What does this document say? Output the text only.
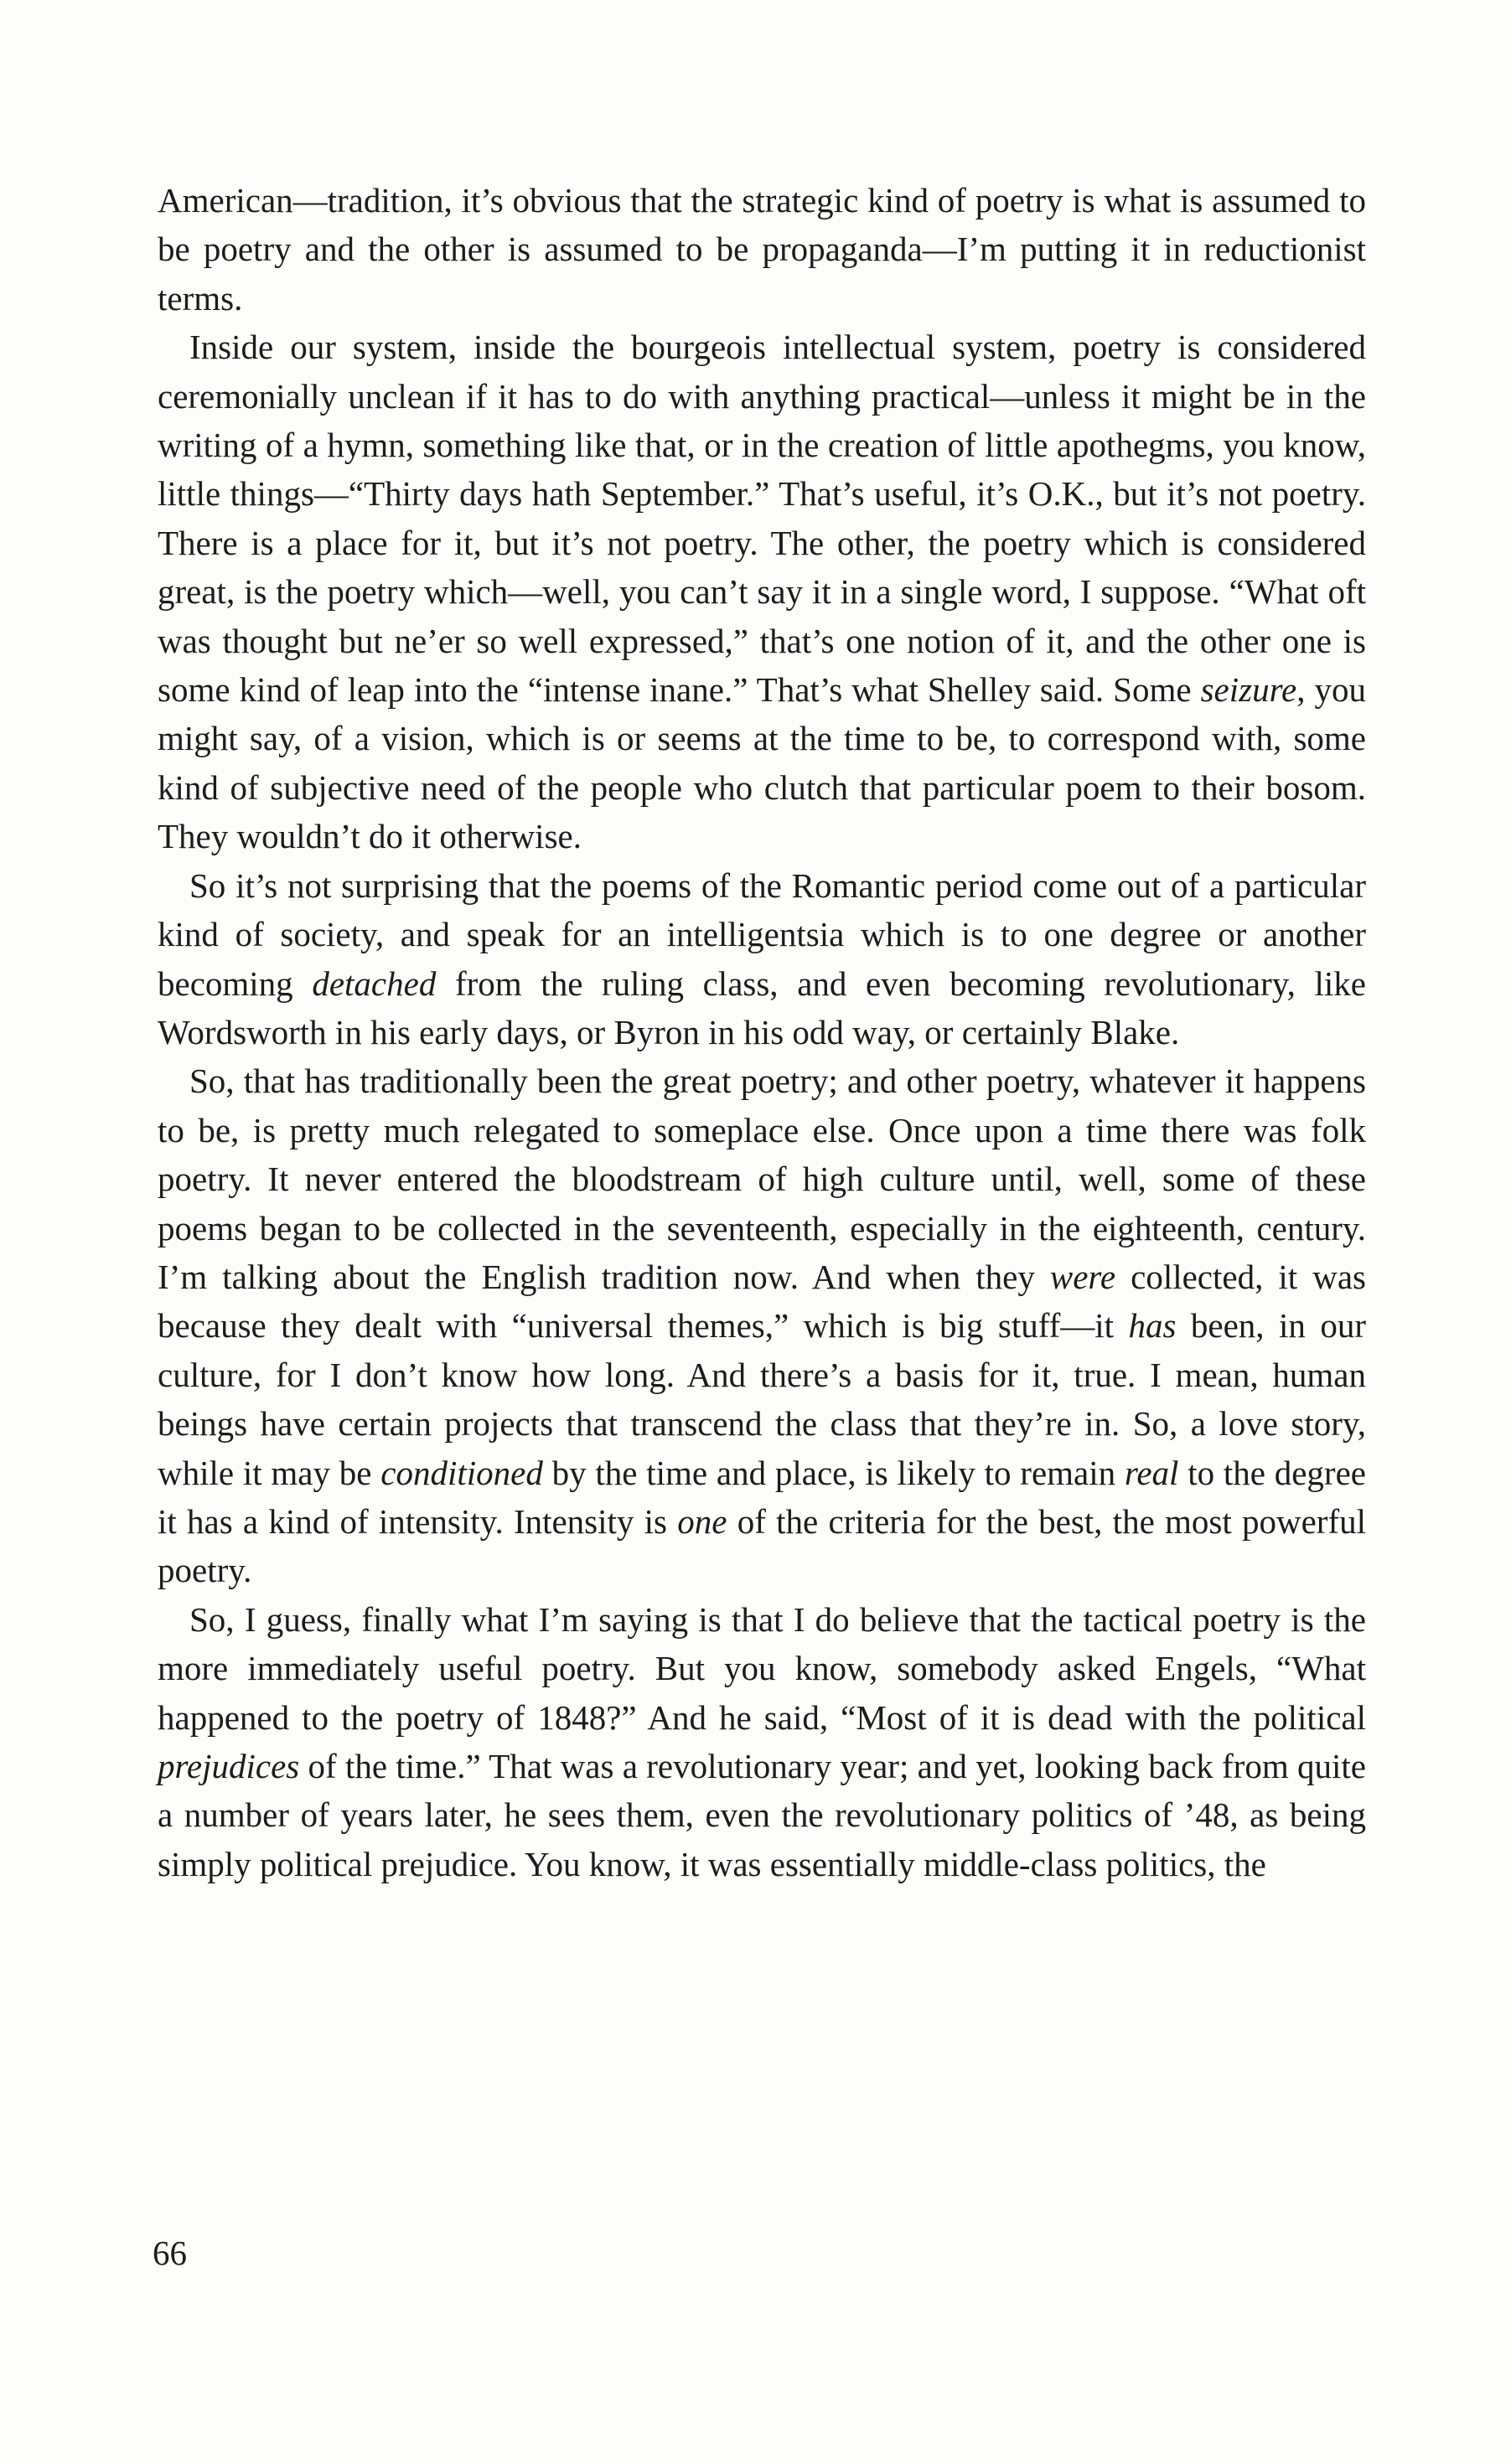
American—tradition, it’s obvious that the strategic kind of poetry is what is assumed to be poetry and the other is assumed to be propaganda—I’m putting it in reductionist terms.

Inside our system, inside the bourgeois intellectual system, poetry is considered ceremonially unclean if it has to do with anything practical—unless it might be in the writing of a hymn, something like that, or in the creation of little apothegms, you know, little things—“Thirty days hath September.” That’s useful, it’s O.K., but it’s not poetry. There is a place for it, but it’s not poetry. The other, the poetry which is considered great, is the poetry which—well, you can’t say it in a single word, I suppose. “What oft was thought but ne’er so well expressed,” that’s one notion of it, and the other one is some kind of leap into the “intense inane.” That’s what Shelley said. Some seizure, you might say, of a vision, which is or seems at the time to be, to correspond with, some kind of subjective need of the people who clutch that particular poem to their bosom. They wouldn’t do it otherwise.

So it’s not surprising that the poems of the Romantic period come out of a particular kind of society, and speak for an intelligentsia which is to one degree or another becoming detached from the ruling class, and even becoming revolutionary, like Wordsworth in his early days, or Byron in his odd way, or certainly Blake.

So, that has traditionally been the great poetry; and other poetry, whatever it happens to be, is pretty much relegated to someplace else. Once upon a time there was folk poetry. It never entered the bloodstream of high culture until, well, some of these poems began to be collected in the seventeenth, especially in the eighteenth, century. I’m talking about the English tradition now. And when they were collected, it was because they dealt with “universal themes,” which is big stuff—it has been, in our culture, for I don’t know how long. And there’s a basis for it, true. I mean, human beings have certain projects that transcend the class that they’re in. So, a love story, while it may be conditioned by the time and place, is likely to remain real to the degree it has a kind of intensity. Intensity is one of the criteria for the best, the most powerful poetry.

So, I guess, finally what I’m saying is that I do believe that the tactical poetry is the more immediately useful poetry. But you know, somebody asked Engels, “What happened to the poetry of 1848?” And he said, “Most of it is dead with the political prejudices of the time.” That was a revolutionary year; and yet, looking back from quite a number of years later, he sees them, even the revolutionary politics of ’48, as being simply political prejudice. You know, it was essentially middle-class politics, the

66
